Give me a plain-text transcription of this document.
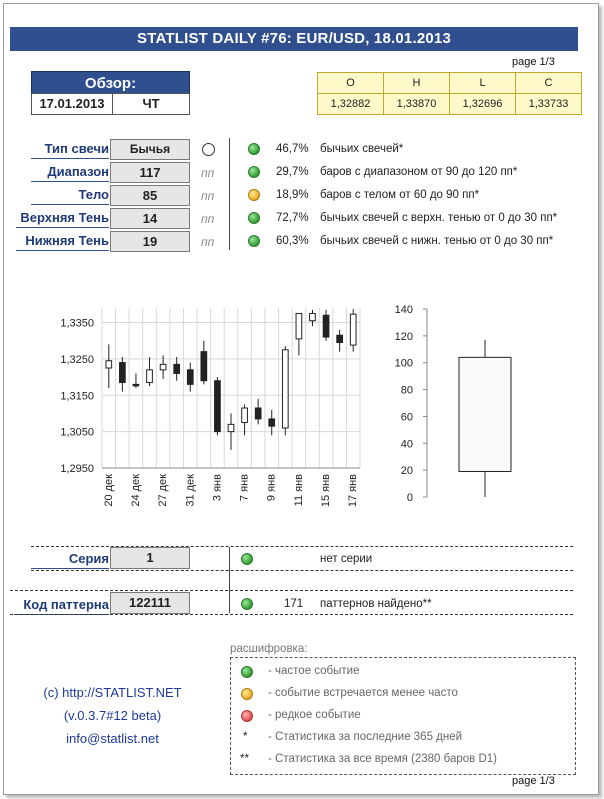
STATLIST DAILY #76: EUR/USD, 18.01.2013
page 1/3
Обзор:
17.01.2013	ЧТ
O	H	L	C
1,32882	1,33870	1,32696	1,33733
Тип свечи	Бычья	46,7% бычьих свечей*
Диапазон	117	пп	29,7% баров с диапазоном от 90 до 120 пп*
Тело	85	пп	18,9% баров с телом от 60 до 90 пп*
Верхняя Тень	14	пп	72,7% бычьих свечей с верхн. тенью от 0 до 30 пп*
Нижняя Тень	19	пп	60,3% бычьих свечей с нижн. тенью от 0 до 30 пп*
1,2950
1,3050
1,3150
1,3250
1,3350
20 дек 24 дек 27 дек 31 дек 3 янв 7 янв 9 янв 11 янв 15 янв 17 янв	0
20
40
60
80
100
120
140
Серия	1	нет серии
Код паттерна	122111	171 паттернов найдено**
расшифровка:
- частое событие
- событие встречается менее часто
- редкое событие
* - Статистика за последние 365 дней
** - Статистика за все время (2380 баров D1)
(c) http://STATLIST.NET
(v.0.3.7#12 beta)
info@statlist.net
page 1/3
